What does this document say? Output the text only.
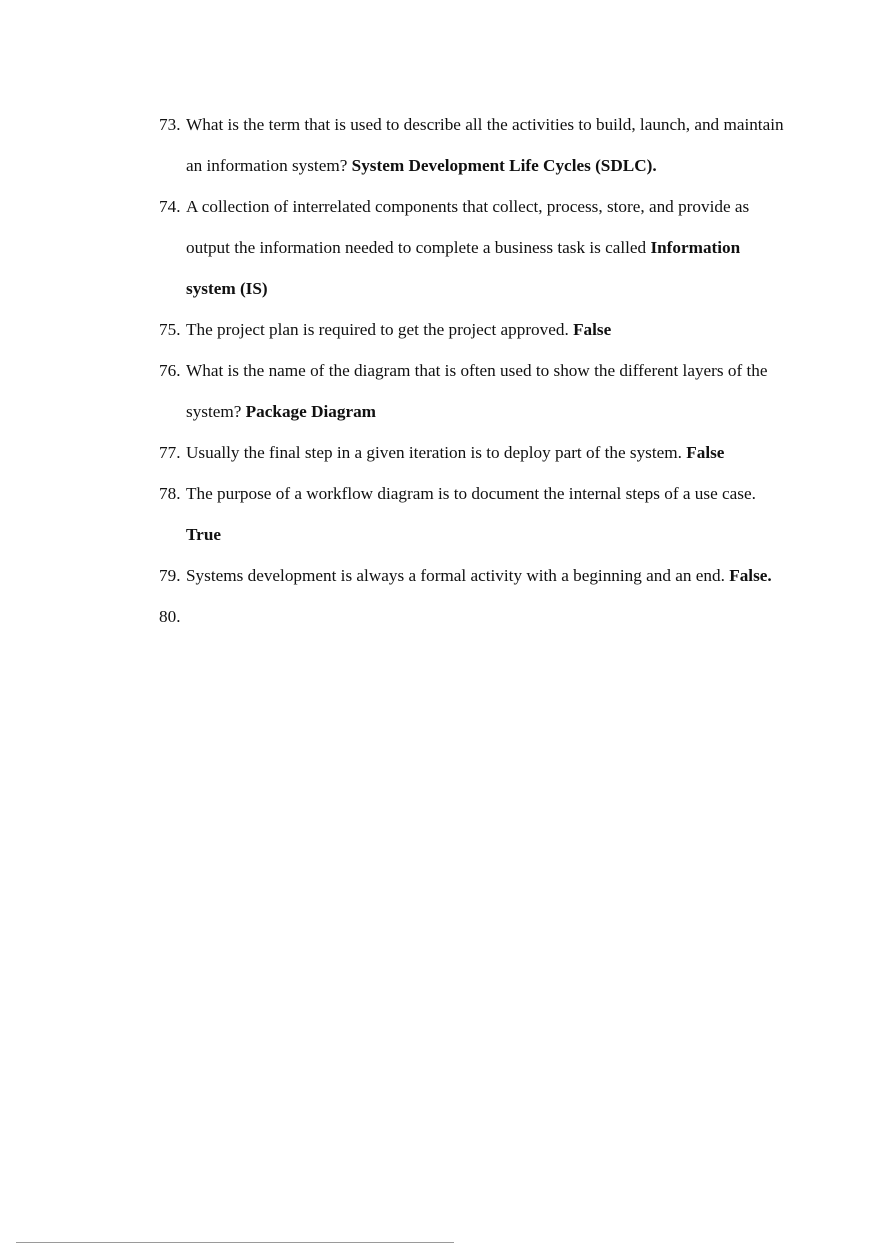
73. What is the term that is used to describe all the activities to build, launch, and maintain an information system? System Development Life Cycles (SDLC).
74. A collection of interrelated components that collect, process, store, and provide as output the information needed to complete a business task is called Information system (IS)
75. The project plan is required to get the project approved. False
76. What is the name of the diagram that is often used to show the different layers of the system? Package Diagram
77. Usually the final step in a given iteration is to deploy part of the system. False
78. The purpose of a workflow diagram is to document the internal steps of a use case. True
79. Systems development is always a formal activity with a beginning and an end. False.
80.
